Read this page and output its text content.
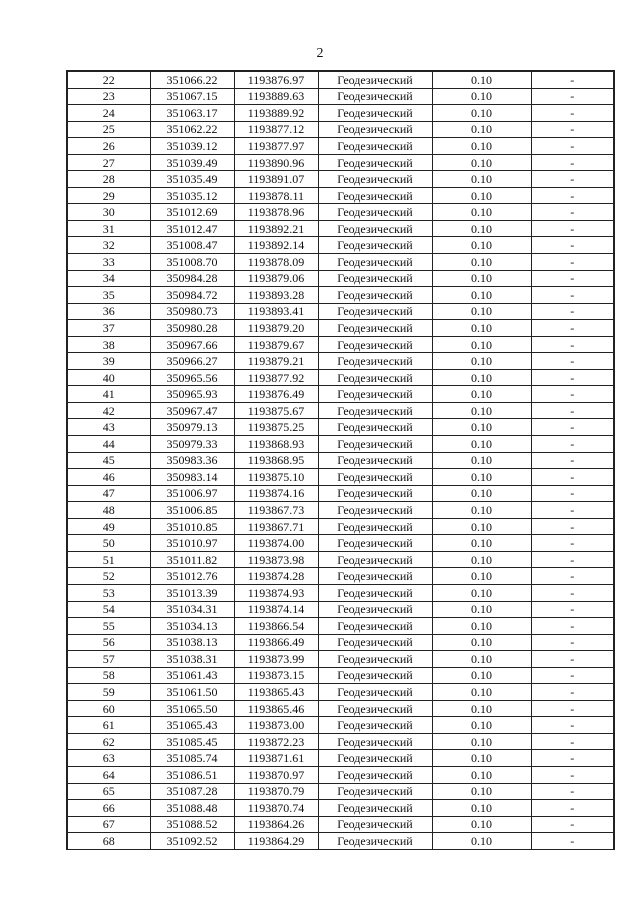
2
22	351066.22	1193876.97	Геодезический	0.10	-
23	351067.15	1193889.63	Геодезический	0.10	-
24	351063.17	1193889.92	Геодезический	0.10	-
25	351062.22	1193877.12	Геодезический	0.10	-
26	351039.12	1193877.97	Геодезический	0.10	-
27	351039.49	1193890.96	Геодезический	0.10	-
28	351035.49	1193891.07	Геодезический	0.10	-
29	351035.12	1193878.11	Геодезический	0.10	-
30	351012.69	1193878.96	Геодезический	0.10	-
31	351012.47	1193892.21	Геодезический	0.10	-
32	351008.47	1193892.14	Геодезический	0.10	-
33	351008.70	1193878.09	Геодезический	0.10	-
34	350984.28	1193879.06	Геодезический	0.10	-
35	350984.72	1193893.28	Геодезический	0.10	-
36	350980.73	1193893.41	Геодезический	0.10	-
37	350980.28	1193879.20	Геодезический	0.10	-
38	350967.66	1193879.67	Геодезический	0.10	-
39	350966.27	1193879.21	Геодезический	0.10	-
40	350965.56	1193877.92	Геодезический	0.10	-
41	350965.93	1193876.49	Геодезический	0.10	-
42	350967.47	1193875.67	Геодезический	0.10	-
43	350979.13	1193875.25	Геодезический	0.10	-
44	350979.33	1193868.93	Геодезический	0.10	-
45	350983.36	1193868.95	Геодезический	0.10	-
46	350983.14	1193875.10	Геодезический	0.10	-
47	351006.97	1193874.16	Геодезический	0.10	-
48	351006.85	1193867.73	Геодезический	0.10	-
49	351010.85	1193867.71	Геодезический	0.10	-
50	351010.97	1193874.00	Геодезический	0.10	-
51	351011.82	1193873.98	Геодезический	0.10	-
52	351012.76	1193874.28	Геодезический	0.10	-
53	351013.39	1193874.93	Геодезический	0.10	-
54	351034.31	1193874.14	Геодезический	0.10	-
55	351034.13	1193866.54	Геодезический	0.10	-
56	351038.13	1193866.49	Геодезический	0.10	-
57	351038.31	1193873.99	Геодезический	0.10	-
58	351061.43	1193873.15	Геодезический	0.10	-
59	351061.50	1193865.43	Геодезический	0.10	-
60	351065.50	1193865.46	Геодезический	0.10	-
61	351065.43	1193873.00	Геодезический	0.10	-
62	351085.45	1193872.23	Геодезический	0.10	-
63	351085.74	1193871.61	Геодезический	0.10	-
64	351086.51	1193870.97	Геодезический	0.10	-
65	351087.28	1193870.79	Геодезический	0.10	-
66	351088.48	1193870.74	Геодезический	0.10	-
67	351088.52	1193864.26	Геодезический	0.10	-
68	351092.52	1193864.29	Геодезический	0.10	-
